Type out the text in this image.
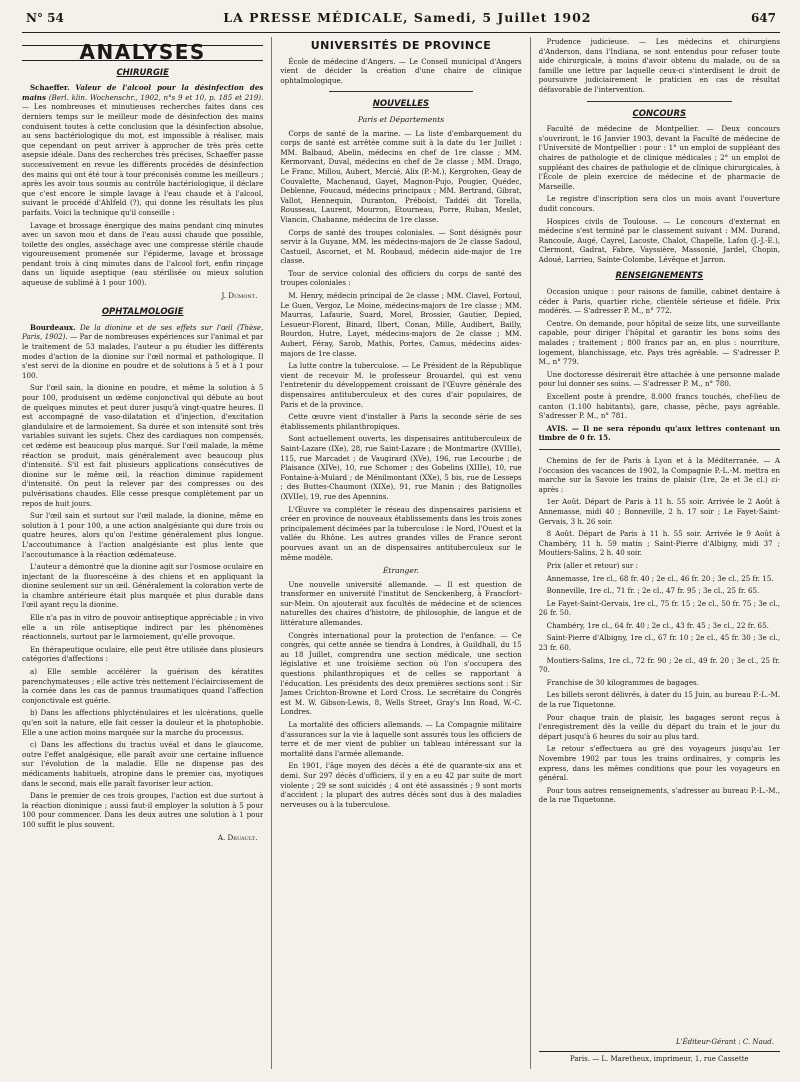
N° 54	LA PRESSE MÉDICALE, Samedi, 5 Juillet 1902	647
ANALYSES
CHIRURGIE

Schaeffer. Valeur de l'alcool pour la désinfection des mains (Berl. klin. Wochenschr., 1902, n°s 9 et 10, p. 185 et 219). — Les nombreuses et minutieuses recherches faites dans ces derniers temps sur le meilleur mode de désinfection des mains conduisent toutes à cette conclusion que la désinfection absolue, au sens bactériologique du mot, est impossible à réaliser, mais que cependant on peut arriver à approcher de très près cette asepsie idéale. Dans des recherches très précises, Schaeffer passe successivement en revue les différents procédés de désinfection des mains qui ont été tour à tour préconisés comme les meilleurs ; après les avoir tous soumis au contrôle bactériologique, il déclare que c'est encore le simple lavage à l'eau chaude et à l'alcool, suivant le procédé d'Ahlfeld (?), qui donne les résultats les plus parfaits. Voici la technique qu'il conseille :

Lavage et brossage énergique des mains pendant cinq minutes avec un savon mou et dans de l'eau aussi chaude que possible, toilette des ongles, asséchage avec une compresse stérile chaude vigoureusement promenée sur l'épiderme, lavage et brossage pendant trois à cinq minutes dans de l'alcool fort, enfin rinçage dans un liquide aseptique (eau stérilisée ou mieux solution aqueuse de sublimé à 1 pour 100).

J. Dumont.
OPHTALMOLOGIE

Bourdeaux. De la dionine et de ses effets sur l'œil (Thèse, Paris, 1902). — Par de nombreuses expériences sur l'animal et par le traitement de 53 malades, l'auteur a pu étudier les différents modes d'action de la dionine sur l'œil normal et pathologique. Il s'est servi de la dionine en poudre et de solutions à 5 et à 1 pour 100.

Sur l'œil sain, la dionine en poudre, et même la solution à 5 pour 100, produisent un œdème conjonctival qui débute au bout de quelques minutes et peut durer jusqu'à vingt-quatre heures. Il est accompagné de vaso-dilatation et d'injection, d'excitation glandulaire et de larmoiement. Sa durée et son intensité sont très variables suivant les sujets. Chez des cardiaques non compensés, cet œdème est beaucoup plus marqué. Sur l'œil malade, la même réaction se produit, mais généralement avec beaucoup plus d'intensité. S'il est fait plusieurs applications consécutives de dionine sur le même œil, la réaction diminue rapidement d'intensité. On peut la relever par des compresses ou des pulvérisations chaudes. Elle cesse presque complètement par un repos de huit jours.

Sur l'œil sain et surtout sur l'œil malade, la dionine, même en solution à 1 pour 100, a une action analgésiante qui dure trois ou quatre heures, alors qu'on l'estime généralement plus longue. L'accoutumance à l'action analgésiante est plus lente que l'accoutumance à la réaction œdémateuse.

L'auteur a démontré que la dionine agit sur l'osmose oculaire en injectant de la fluorescéine à des chiens et en appliquant la dionine seulement sur un œil. Généralement la coloration verte de la chambre antérieure était plus marquée et plus durable dans l'œil ayant reçu la dionine.

Elle n'a pas in vitro de pouvoir antiseptique appréciable ; in vivo elle a un rôle antiseptique indirect par les phénomènes réactionnels, surtout par le larmoiement, qu'elle provoque.

En thérapeutique oculaire, elle peut être utilisée dans plusieurs catégories d'affections :

a) Elle semble accélérer la guérison des kératites parenchymateuses ; elle active très nettement l'éclaircissement de la cornée dans les cas de pannus traumatiques quand l'affection conjonctivale est guérie.

b) Dans les affections phlycténulaires et les ulcérations, quelle qu'en soit la nature, elle fait cesser la douleur et la photophobie. Elle a une action moins marquée sur la marche du processus.

c) Dans les affections du tractus uvéal et dans le glaucome, outre l'effet analgésique, elle paraît avoir une certaine influence sur l'évolution de la maladie. Elle ne dispense pas des médicaments habituels, atropine dans le premier cas, myotiques dans le second, mais elle paraît favoriser leur action.

Dans le premier de ces trois groupes, l'action est due surtout à la réaction dioninique ; aussi faut-il employer la solution à 5 pour 100 pour commencer. Dans les deux autres une solution à 1 pour 100 suffit le plus souvent.

A. Druault.
UNIVERSITÉS DE PROVINCE

École de médecine d'Angers. — Le Conseil municipal d'Angers vient de décider la création d'une chaire de clinique ophtalmologique.

NOUVELLES
Paris et Départements

Corps de santé de la marine. — La liste d'embarquement du corps de santé est arrêtée comme suit à la date du 1er Juillet : MM. Balbaud, Abelin, médecins en chef de 1re classe ; MM. Kermorvant, Duval, médecins en chef de 2e classe ; MM. Drago, Le Franc, Millou, Aubert, Mercié, Alix (P.-M.), Kergrohen, Geay de Couvalette, Machenaud, Gayet, Magnon-Pujo, Pougier, Quédec, Deblenne, Foucaud, médecins principaux ; MM. Bertrand, Gibrat, Vallot, Hennequin, Duranton, Préboist, Taddéi dit Torella, Rousseau, Laurent, Mourron, Etourneau, Porre, Ruban, Meslet, Viancin, Chabanne, médecins de 1re classe.

Corps de santé des troupes coloniales. — Sont désignés pour servir à la Guyane, MM. les médecins-majors de 2e classe Sadoul, Castueil, Ascornet, et M. Roubaud, médecin aide-major de 1re classe.

Tour de service colonial des officiers du corps de santé des troupes coloniales :

M. Henry, médecin principal de 2e classe ; MM. Clavel, Fortoul, Le Guen, Vergoz, Le Moine, médecins-majors de 1re classe ; MM. Maurras, Lafaurie, Suard, Morel, Brossier, Gautier, Depied, Lesueur-Florent, Binard, Ilbert, Conan, Mille, Audibert, Bailly, Bourdon, Hutre, Layet, médecins-majors de 2e classe ; MM. Aubert, Féray, Sarob, Mathis, Portes, Camus, médecins aides-majors de 1re classe.

La lutte contre la tuberculose. — Le Président de la République vient de recevoir M. le professeur Brouardel, qui est venu l'entretenir du développement croissant de l'Œuvre générale des dispensaires antituberculeux et des cures d'air populaires, de Paris et de la province.

Cette œuvre vient d'installer à Paris la seconde série de ses établissements philanthropiques.

Sont actuellement ouverts, les dispensaires antituberculeux de Saint-Lazare (IXe), 28, rue Saint-Lazare ; de Montmartre (XVIIIe), 115, rue Marcadet ; de Vaugirard (XVe), 196, rue Lecourbe ; de Plaisance (XIVe), 10, rue Schomer ; des Gobelins (XIIIe), 10, rue Fontaine-à-Mulard ; de Ménilmontant (XXe), 5 bis, rue de Lesseps ; des Buttes-Chaumont (XIXe), 91, rue Manin ; des Batignolles (XVIIe), 19, rue des Apennins.

L'Œuvre va compléter le réseau des dispensaires parisiens et créer en province de nouveaux établissements dans les trois zones principalement décimées par la tuberculose : le Nord, l'Ouest et la vallée du Rhône. Les autres grandes villes de France seront pourvues avant un an de dispensaires antituberculeux sur le même modèle.

Étranger.

Une nouvelle université allemande. — Il est question de transformer en université l'institut de Senckenberg, à Francfort-sur-Mein. On ajouterait aux facultés de médecine et de sciences naturelles des chaires d'histoire, de philosophie, de langue et de littérature allemandes.

Congrès international pour la protection de l'enfance. — Ce congrès, qui cette année se tiendra à Londres, à Guildhall, du 15 au 18 Juillet, comprendra une section médicale, une section législative et une troisième section où l'on s'occupera des questions philanthropiques et de celles se rapportant à l'éducation. Les présidents des deux premières sections sont : Sir James Crichton-Browne et Lord Cross. Le secrétaire du Congrès est M. W. Gibson-Lewis, 8, Wells Street, Gray's Inn Road, W.-C. Londres.

La mortalité des officiers allemands. — La Compagnie militaire d'assurances sur la vie à laquelle sont assurés tous les officiers de terre et de mer vient de publier un tableau intéressant sur la mortalité dans l'armée allemande.

En 1901, l'âge moyen des décès a été de quarante-six ans et demi. Sur 297 décès d'officiers, il y en a eu 42 par suite de mort violente ; 29 se sont suicidés ; 4 ont été assassinés ; 9 sont morts d'accident ; la plupart des autres décès sont dus à des maladies nerveuses ou à la tuberculose.

Prudence judicieuse. — Les médecins et chirurgiens d'Anderson, dans l'Indiana, se sont entendus pour refuser toute aide chirurgicale, à moins d'avoir obtenu du malade, ou de sa famille une lettre par laquelle ceux-ci s'interdisent le droit de poursuivre judiciairement le praticien en cas de résultat défavorable de l'intervention.

CONCOURS

Faculté de médecine de Montpellier. — Deux concours s'ouvriront, le 16 Janvier 1903, devant la Faculté de médecine de l'Université de Montpellier : pour : 1° un emploi de suppléant des chaires de pathologie et de clinique médicales ; 2° un emploi de suppléant des chaires de pathologie et de clinique chirurgicales, à l'École de plein exercice de médecine et de pharmacie de Marseille.

Le registre d'inscription sera clos un mois avant l'ouverture dudit concours.

Hospices civils de Toulouse. — Le concours d'externat en médecine s'est terminé par le classement suivant : MM. Durand, Rancoule, Augé, Cayrel, Lacoste, Chalot, Chapelle, Lafon (J.-J.-E.), Clermont, Gadrat, Fabre, Vayssière, Massonié, Jardel, Chopin, Adoué, Larrieu, Sainte-Colombe, Lévêque et Jarron.

RENSEIGNEMENTS

Occasion unique : pour raisons de famille, cabinet dentaire à céder à Paris, quartier riche, clientèle sérieuse et fidèle. Prix modérés. — S'adresser P. M., n° 772.

Centre. On demande, pour hôpital de seize lits, une surveillante capable, pour diriger l'hôpital et garantir les bons soins des malades ; traitement ; 800 francs par an, en plus : nourriture, logement, blanchissage, etc. Pays très agréable. — S'adresser P. M., n° 779.

Une doctoresse désirerait être attachée à une personne malade pour lui donner ses soins. — S'adresser P. M., n° 780.

Excellent poste à prendre, 8.000 francs touchés, chef-lieu de canton (1.100 habitants), gare, chasse, pêche, pays agréable. S'adresser P. M., n° 781.

AVIS. — Il ne sera répondu qu'aux lettres contenant un timbre de 0 fr. 15.

Chemins de fer de Paris à Lyon et à la Méditerranée. — A l'occasion des vacances de 1902, la Compagnie P.-L.-M. mettra en marche sur la Savoie les trains de plaisir (1re, 2e et 3e cl.) ci-après :

1er Août. Départ de Paris à 11 h. 55 soir. Arrivée le 2 Août à Annemasse, midi 40 ; Bonneville, 2 h. 17 soir ; Le Fayet-Saint-Gervais, 3 h. 26 soir.

8 Août. Départ de Paris à 11 h. 55 soir. Arrivée le 9 Août à Chambéry, 11 h. 59 matin ; Saint-Pierre d'Albigny, midi 37 ; Moutiers-Salins, 2 h. 40 soir.

Prix (aller et retour) sur :

Annemasse, 1re cl., 68 fr. 40 ; 2e cl., 46 fr. 20 ; 3e cl., 25 fr. 15.

Bonneville, 1re cl., 71 fr. ; 2e cl., 47 fr. 95 ; 3e cl., 25 fr. 65.

Le Fayet-Saint-Gervais, 1re cl., 75 fr. 15 ; 2e cl., 50 fr. 75 ; 3e cl., 26 fr. 50.

Chambéry, 1re cl., 64 fr. 40 ; 2e cl., 43 fr. 45 ; 3e cl., 22 fr. 65.

Saint-Pierre d'Albigny, 1re cl., 67 fr. 10 ; 2e cl., 45 fr. 30 ; 3e cl., 23 fr. 60.

Moutiers-Salins, 1re cl., 72 fr. 90 ; 2e cl., 49 fr. 20 ; 3e cl., 25 fr. 70.

Franchise de 30 kilogrammes de bagages.

Les billets seront délivrés, à dater du 15 Juin, au bureau P.-L.-M. de la rue Tiquetonne.

Pour chaque train de plaisir, les bagages seront reçus à l'enregistrement dès la veille du départ du train et le jour du départ jusqu'à 6 heures du soir au plus tard.

Le retour s'effectuera au gré des voyageurs jusqu'au 1er Novembre 1902 par tous les trains ordinaires, y compris les express, dans les mêmes conditions que pour les voyageurs en général.

Pour tous autres renseignements, s'adresser au bureau P.-L.-M., de la rue Tiquetonne.

L'Éditeur-Gérant : C. Naud.
Paris. — L. Maretheux, imprimeur, 1, rue Cassette
